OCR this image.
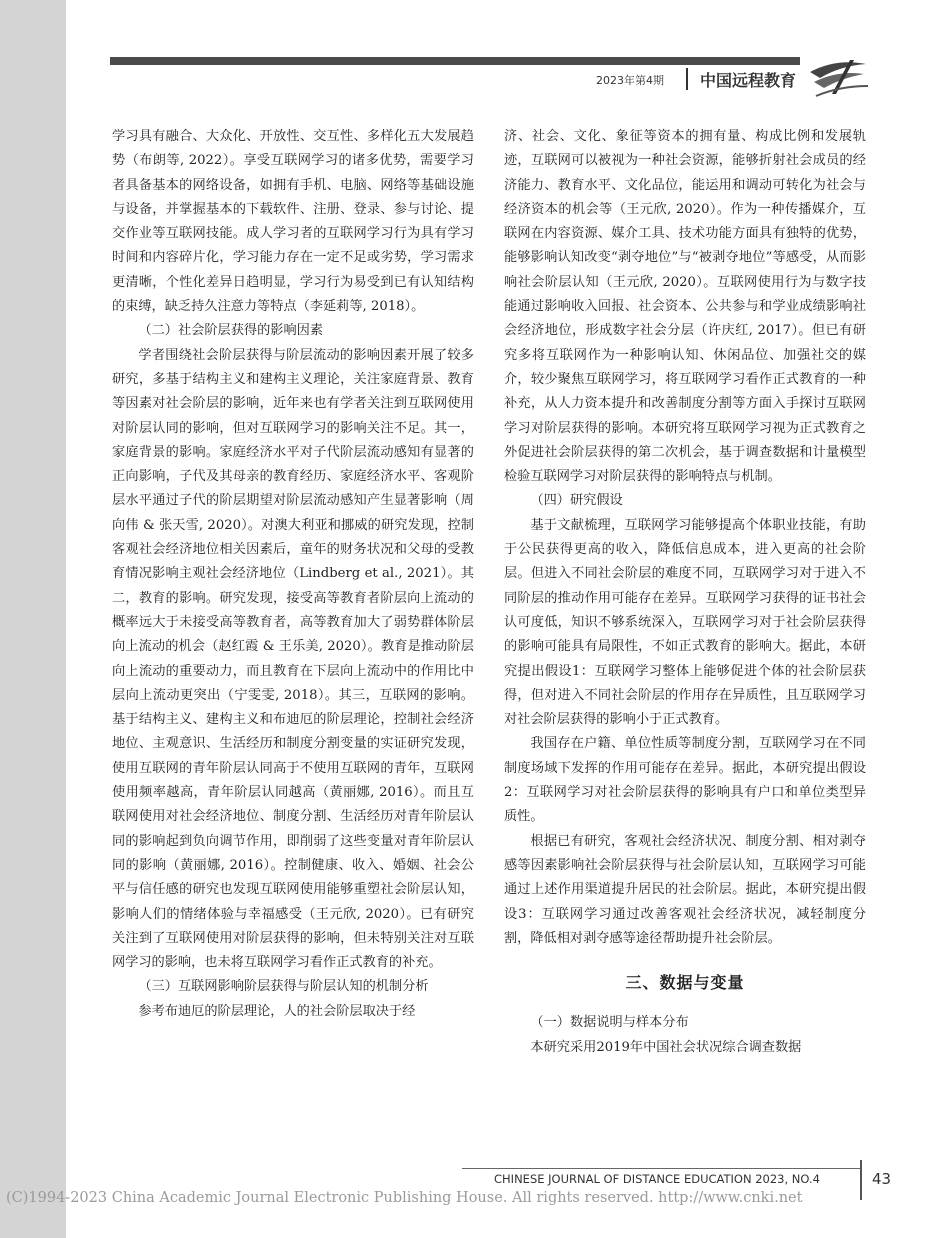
2023年第4期 中国远程教育

学习具有融合、大众化、开放性、交互性、多样化五大发展趋势（布朗等, 2022）。享受互联网学习的诸多优势，需要学习者具备基本的网络设备，如拥有手机、电脑、网络等基础设施与设备，并掌握基本的下载软件、注册、登录、参与讨论、提交作业等互联网技能。成人学习者的互联网学习行为具有学习时间和内容碎片化，学习能力存在一定不足或劣势，学习需求更清晰，个性化差异日趋明显，学习行为易受到已有认知结构的束缚，缺乏持久注意力等特点（李延莉等, 2018）。

（二）社会阶层获得的影响因素

学者围绕社会阶层获得与阶层流动的影响因素开展了较多研究，多基于结构主义和建构主义理论，关注家庭背景、教育等因素对社会阶层的影响，近年来也有学者关注到互联网使用对阶层认同的影响，但对互联网学习的影响关注不足。其一，家庭背景的影响。家庭经济水平对子代阶层流动感知有显著的正向影响，子代及其母亲的教育经历、家庭经济水平、客观阶层水平通过子代的阶层期望对阶层流动感知产生显著影响（周向伟 & 张天雪, 2020）。对澳大利亚和挪威的研究发现，控制客观社会经济地位相关因素后，童年的财务状况和父母的受教育情况影响主观社会经济地位（Lindberg et al., 2021）。其二，教育的影响。研究发现，接受高等教育者阶层向上流动的概率远大于未接受高等教育者，高等教育加大了弱势群体阶层向上流动的机会（赵红霞 & 王乐美, 2020）。教育是推动阶层向上流动的重要动力，而且教育在下层向上流动中的作用比中层向上流动更突出（宁雯雯, 2018）。其三，互联网的影响。基于结构主义、建构主义和布迪厄的阶层理论，控制社会经济地位、主观意识、生活经历和制度分割变量的实证研究发现，使用互联网的青年阶层认同高于不使用互联网的青年，互联网使用频率越高，青年阶层认同越高（黄丽娜, 2016）。而且互联网使用对社会经济地位、制度分割、生活经历对青年阶层认同的影响起到负向调节作用，即削弱了这些变量对青年阶层认同的影响（黄丽娜, 2016）。控制健康、收入、婚姻、社会公平与信任感的研究也发现互联网使用能够重塑社会阶层认知，影响人们的情绪体验与幸福感受（王元欣, 2020）。已有研究关注到了互联网使用对阶层获得的影响，但未特别关注对互联网学习的影响，也未将互联网学习看作正式教育的补充。

（三）互联网影响阶层获得与阶层认知的机制分析

参考布迪厄的阶层理论，人的社会阶层取决于经

济、社会、文化、象征等资本的拥有量、构成比例和发展轨迹，互联网可以被视为一种社会资源，能够折射社会成员的经济能力、教育水平、文化品位，能运用和调动可转化为社会与经济资本的机会等（王元欣, 2020）。作为一种传播媒介，互联网在内容资源、媒介工具、技术功能方面具有独特的优势，能够影响认知改变“剥夺地位”与“被剥夺地位”等感受，从而影响社会阶层认知（王元欣, 2020）。互联网使用行为与数字技能通过影响收入回报、社会资本、公共参与和学业成绩影响社会经济地位，形成数字社会分层（许庆红, 2017）。但已有研究多将互联网作为一种影响认知、休闲品位、加强社交的媒介，较少聚焦互联网学习，将互联网学习看作正式教育的一种补充，从人力资本提升和改善制度分割等方面入手探讨互联网学习对阶层获得的影响。本研究将互联网学习视为正式教育之外促进社会阶层获得的第二次机会，基于调查数据和计量模型检验互联网学习对阶层获得的影响特点与机制。

（四）研究假设

基于文献梳理，互联网学习能够提高个体职业技能，有助于公民获得更高的收入，降低信息成本，进入更高的社会阶层。但进入不同社会阶层的难度不同，互联网学习对于进入不同阶层的推动作用可能存在差异。互联网学习获得的证书社会认可度低，知识不够系统深入，互联网学习对于社会阶层获得的影响可能具有局限性，不如正式教育的影响大。据此，本研究提出假设1：互联网学习整体上能够促进个体的社会阶层获得，但对进入不同社会阶层的作用存在异质性，且互联网学习对社会阶层获得的影响小于正式教育。

我国存在户籍、单位性质等制度分割，互联网学习在不同制度场域下发挥的作用可能存在差异。据此，本研究提出假设2：互联网学习对社会阶层获得的影响具有户口和单位类型异质性。

根据已有研究，客观社会经济状况、制度分割、相对剥夺感等因素影响社会阶层获得与社会阶层认知，互联网学习可能通过上述作用渠道提升居民的社会阶层。据此，本研究提出假设3：互联网学习通过改善客观社会经济状况，减轻制度分割，降低相对剥夺感等途径帮助提升社会阶层。

三、数据与变量

（一）数据说明与样本分布

本研究采用2019年中国社会状况综合调查数据

CHINESE JOURNAL OF DISTANCE EDUCATION 2023, NO.4	43
(C)1994-2023 China Academic Journal Electronic Publishing House. All rights reserved. http://www.cnki.net
